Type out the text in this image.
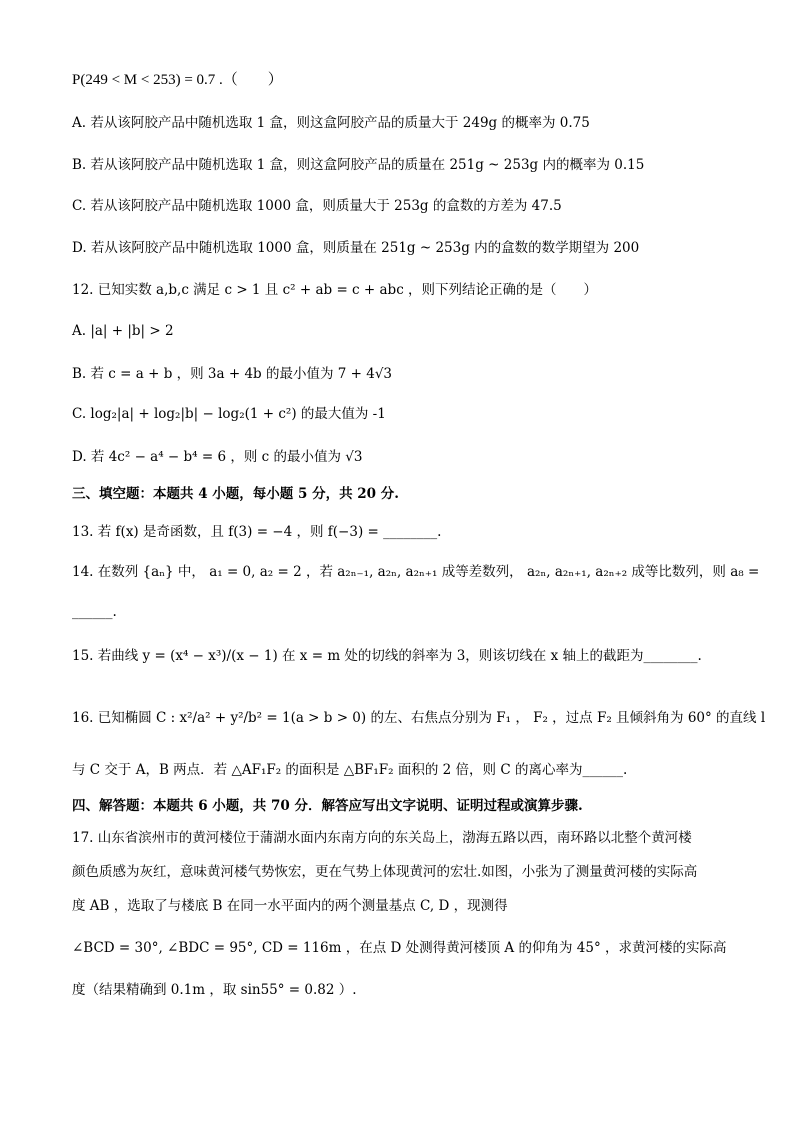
P(249 < M < 253) = 0.7 .（　　）
A. 若从该阿胶产品中随机选取 1 盒，则这盒阿胶产品的质量大于 249g 的概率为 0.75
B. 若从该阿胶产品中随机选取 1 盒，则这盒阿胶产品的质量在 251g ~ 253g 内的概率为 0.15
C. 若从该阿胶产品中随机选取 1000 盒，则质量大于 253g 的盒数的方差为 47.5
D. 若从该阿胶产品中随机选取 1000 盒，则质量在 251g ~ 253g 内的盒数的数学期望为 200
12. 已知实数 a,b,c 满足 c > 1 且 c² + ab = c + abc ，则下列结论正确的是（　　）
A. |a| + |b| > 2
B. 若 c = a + b ，则 3a + 4b 的最小值为 7 + 4√3
C. log₂|a| + log₂|b| − log₂(1 + c²) 的最大值为 -1
D. 若 4c² − a⁴ − b⁴ = 6 ，则 c 的最小值为 √3
三、填空题：本题共 4 小题，每小题 5 分，共 20 分.
13. 若 f(x) 是奇函数，且 f(3) = −4 ，则 f(−3) = ________.
14. 在数列 {aₙ} 中， a₁ = 0, a₂ = 2 ，若 a₂ₙ₋₁, a₂ₙ, a₂ₙ₊₁ 成等差数列， a₂ₙ, a₂ₙ₊₁, a₂ₙ₊₂ 成等比数列，则 a₈ =
______.
15. 若曲线 y = (x⁴ − x³)/(x − 1) 在 x = m 处的切线的斜率为 3，则该切线在 x 轴上的截距为________.
16. 已知椭圆 C : x²/a² + y²/b² = 1(a > b > 0) 的左、右焦点分别为 F₁ ， F₂ ，过点 F₂ 且倾斜角为 60° 的直线 l
与 C 交于 A，B 两点．若 △AF₁F₂ 的面积是 △BF₁F₂ 面积的 2 倍，则 C 的离心率为______.
四、解答题：本题共 6 小题，共 70 分．解答应写出文字说明、证明过程或演算步骤.
17. 山东省滨州市的黄河楼位于蒲湖水面内东南方向的东关岛上，渤海五路以西，南环路以北整个黄河楼
颜色质感为灰红，意味黄河楼气势恢宏，更在气势上体现黄河的宏壮.如图，小张为了测量黄河楼的实际高
度 AB ，选取了与楼底 B 在同一水平面内的两个测量基点 C, D ，现测得
∠BCD = 30°, ∠BDC = 95°, CD = 116m ，在点 D 处测得黄河楼顶 A 的仰角为 45° ，求黄河楼的实际高
度（结果精确到 0.1m ，取 sin55° = 0.82 ）.
